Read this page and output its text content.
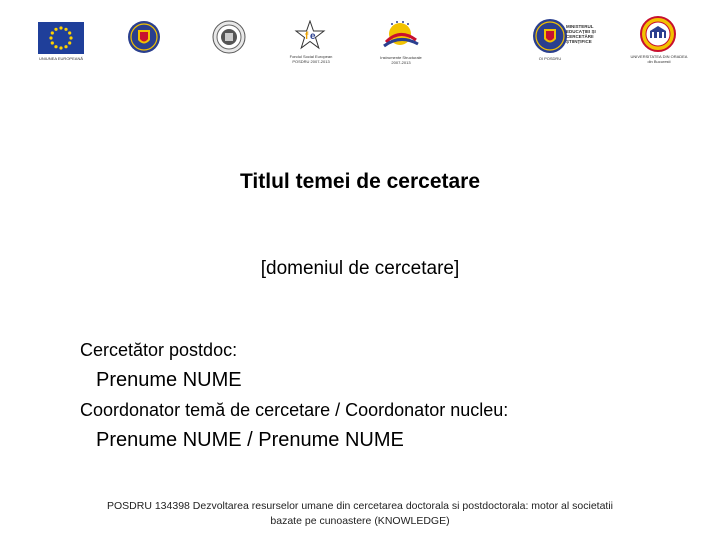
UNIUNEA EUROPEANĂ
f e
Fondul Social European
POSDRU 2007-2013
Instrumente Structurale
2007-2013
OI POSDRU
MINISTERUL
EDUCAȚIEI ȘI
CERCETĂRII
ȘTIINȚIFICE
UNIVERSITATEA DIN ORADEA
din Bucuresti
Titlul temei de cercetare
[domeniul de cercetare]
Cercetător postdoc:
Prenume NUME
Coordonator temă de cercetare / Coordonator nucleu:
Prenume NUME / Prenume NUME
POSDRU 134398 Dezvoltarea resurselor umane din cercetarea doctorala si postdoctorala: motor al societatii
bazate pe cunoastere (KNOWLEDGE)
